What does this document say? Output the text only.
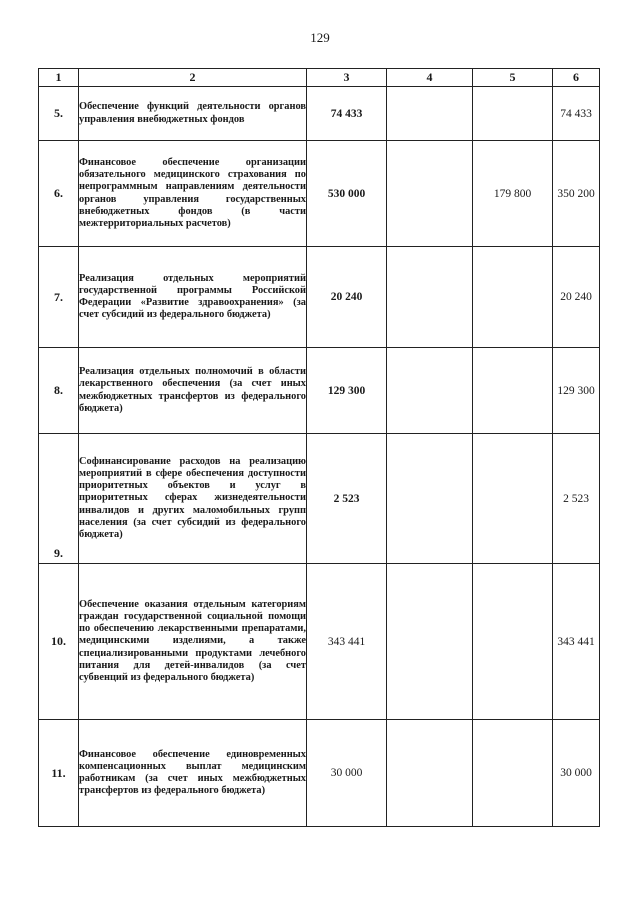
129
1	2	3	4	5	6
5.	Обеспечение функций деятельности органов управления внебюджетных фондов	74 433			74 433
6.	Финансовое обеспечение организации обязательного медицинского страхования по непрограммным направлениям деятельности органов управления государственных внебюджетных фондов (в части межтерриториальных расчетов)	530 000		179 800	350 200
7.	Реализация отдельных мероприятий государственной программы Российской Федерации «Развитие здравоохранения» (за счет субсидий из федерального бюджета)	20 240			20 240
8.	Реализация отдельных полномочий в области лекарственного обеспечения (за счет иных межбюджетных трансфертов из федерального бюджета)	129 300			129 300
9.	Софинансирование расходов на реализацию мероприятий в сфере обеспечения доступности приоритетных объектов и услуг в приоритетных сферах жизнедеятельности инвалидов и других маломобильных групп населения (за счет субсидий из федерального бюджета)	2 523			2 523
10.	Обеспечение оказания отдельным категориям граждан государственной социальной помощи по обеспечению лекарственными препаратами, медицинскими изделиями, а также специализированными продуктами лечебного питания для детей-инвалидов (за счет субвенций из федерального бюджета)	343 441			343 441
11.	Финансовое обеспечение единовременных компенсационных выплат медицинским работникам (за счет иных межбюджетных трансфертов из федерального бюджета)	30 000			30 000
